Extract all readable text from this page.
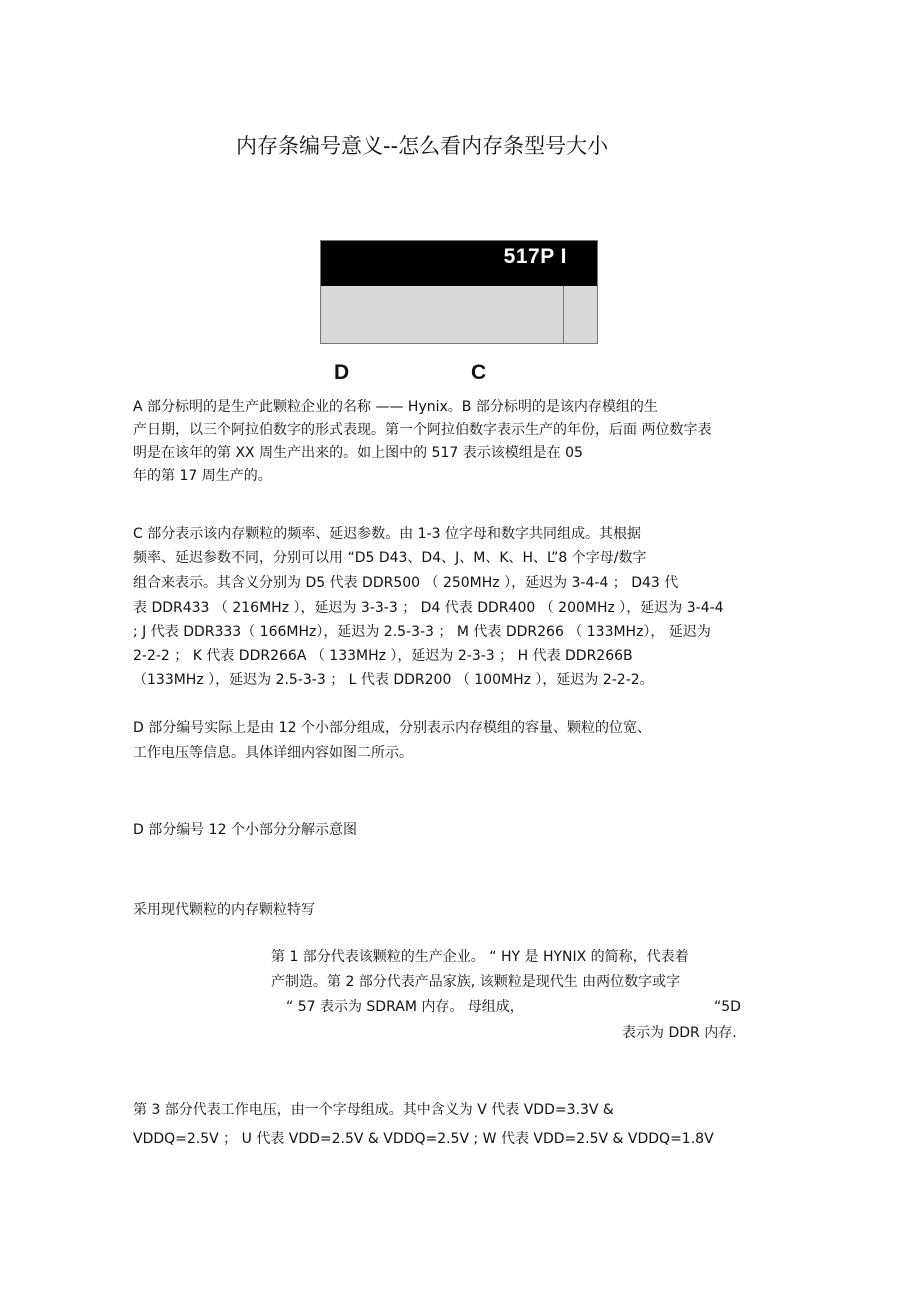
内存条编号意义--怎么看内存条型号大小
517P I
D	C
A 部分标明的是生产此颗粒企业的名称 —— Hynix。B 部分标明的是该内存模组的生
产日期，以三个阿拉伯数字的形式表现。第一个阿拉伯数字表示生产的年份，后面 两位数字表
明是在该年的第 XX 周生产出来的。如上图中的 517 表示该模组是在 05
年的第 17 周生产的。
C 部分表示该内存颗粒的频率、延迟参数。由 1-3 位字母和数字共同组成。其根据
频率、延迟参数不同，分别可以用 “D5 D43、D4、J、M、K、H、L”8 个字母/数字
组合来表示。其含义分别为 D5 代表 DDR500 （ 250MHz ），延迟为 3-4-4 ； D43 代
表 DDR433 （ 216MHz ），延迟为 3-3-3 ； D4 代表 DDR400 （ 200MHz ），延迟为 3-4-4
; J 代表 DDR333（ 166MHz），延迟为 2.5-3-3 ； M 代表 DDR266 （ 133MHz）， 延迟为
2-2-2 ； K 代表 DDR266A （ 133MHz ），延迟为 2-3-3 ； H 代表 DDR266B
（133MHz ），延迟为 2.5-3-3 ； L 代表 DDR200 （ 100MHz ），延迟为 2-2-2。
D 部分编号实际上是由 12 个小部分组成，分别表示内存模组的容量、颗粒的位宽、
工作电压等信息。具体详细内容如图二所示。
D 部分编号 12 个小部分分解示意图
采用现代颗粒的内存颗粒特写
第 1 部分代表该颗粒的生产企业。 “ HY 是 HYNIX 的简称，代表着
产制造。第 2 部分代表产品家族, 该颗粒是现代生 由两位数字或字
“ 57 表示为 SDRAM 内存。 母组成，	“5D
表示为 DDR 内存.
第 3 部分代表工作电压，由一个字母组成。其中含义为 V 代表 VDD=3.3V &
VDDQ=2.5V ； U 代表 VDD=2.5V & VDDQ=2.5V ; W 代表 VDD=2.5V & VDDQ=1.8V
